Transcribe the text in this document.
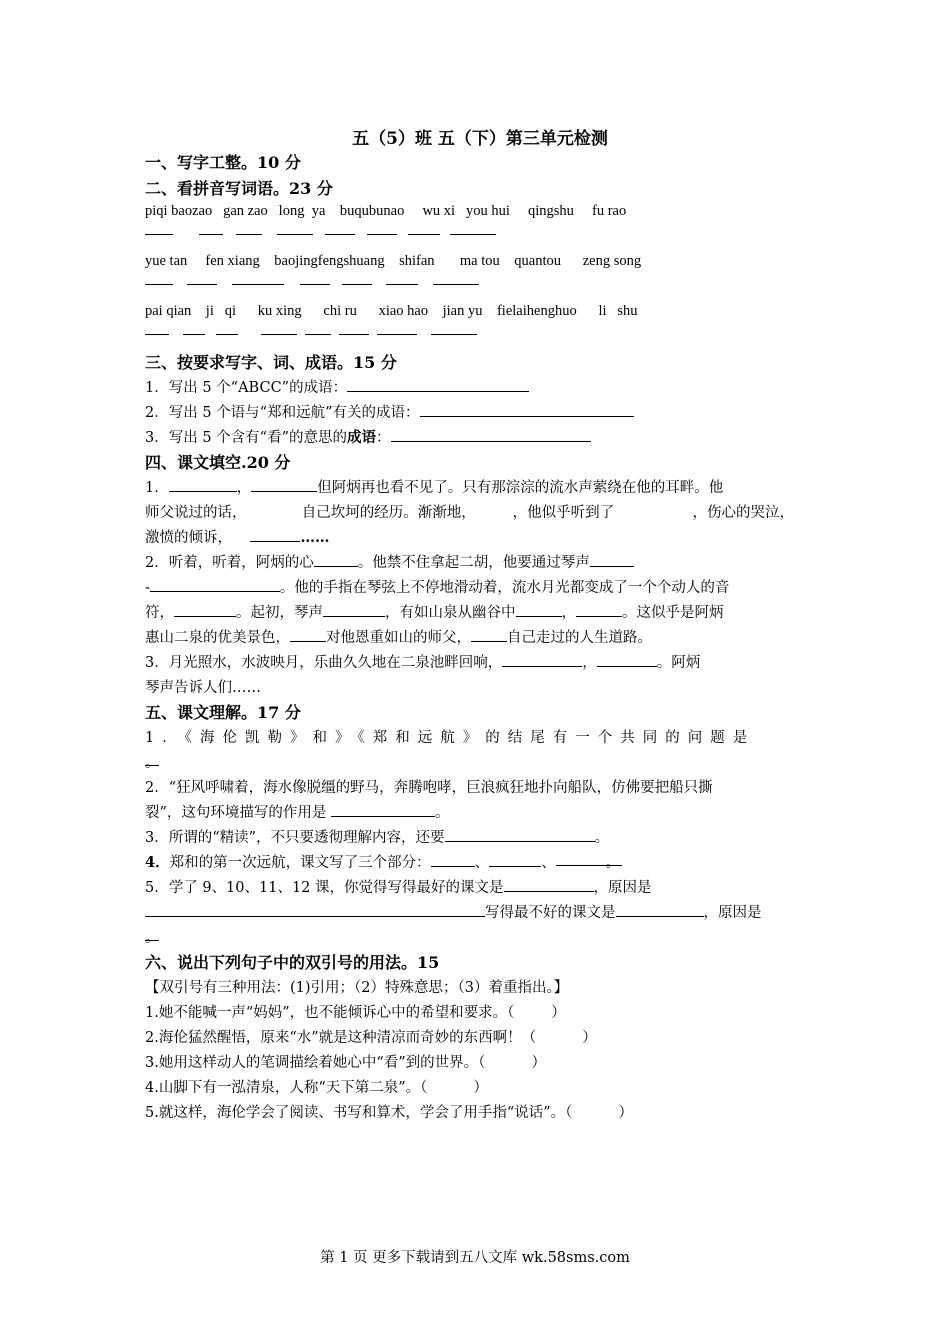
五（5）班 五（下）第三单元检测
一、写字工整。10 分
二、看拼音写词语。23 分
piqi baozao   gan zao   long  ya    buqubunao     wu xi   you hui     qingshu     fu rao
yue tan     fen xiang    baojingfengshuang    shifan       ma tou    quantou      zeng song
pai qian    ji   qi      ku xing      chi ru      xiao hao    jian yu    fielaihenghuo      li   shu
三、按要求写字、词、成语。15 分
1．写出 5 个“ABCC”的成语：
2．写出 5 个语与“郑和远航”有关的成语：
3．写出 5 个含有“看”的意思的成语：
四、课文填空.20 分
1．	，	但阿炳再也看不见了。只有那淙淙的流水声萦绕在他的耳畔。他
师父说过的话，            自己坎坷的经历。渐渐地，        ，他似乎听到了                 ，伤心的哭泣，
激愤的倾诉，	……
2．听着，听着，阿炳的心	。他禁不住拿起二胡，他要通过琴声
-	。他的手指在琴弦上不停地滑动着，流水月光都变成了一个个动人的音
符，	。起初，琴声	，有如山泉从幽谷中	，	。这似乎是阿炳
惠山二泉的优美景色， 对他恩重如山的师父， 自己走过的人生道路。
3．月光照水，水波映月，乐曲久久地在二泉池畔回响，	，	。阿炳
琴声告诉人们……
五、课文理解。17 分
1．《海伦凯勒》和》《郑和远航》的结尾有一个共同的问题是
。
2．“狂风呼啸着，海水像脱缰的野马，奔腾咆哮，巨浪疯狂地扑向船队，仿佛要把船只撕
裂”，这句环境描写的作用是	。
3．所谓的“精读”，不只要透彻理解内容，还要	。
4．郑和的第一次远航，课文写了三个部分：	、	、	。
5．学了 9、10、11、12 课，你觉得写得最好的课文是	，原因是
写得最不好的课文是	，原因是
。
六、说出下列句子中的双引号的用法。15
【双引号有三种用法：(1)引用；（2）特殊意思；（3）着重指出。】
1.她不能喊一声“妈妈”，也不能倾诉心中的希望和要求。（        ）
2.海伦猛然醒悟，原来“水”就是这种清凉而奇妙的东西啊！（          ）
3.她用这样动人的笔调描绘着她心中“看”到的世界。（          ）
4.山脚下有一泓清泉，人称“天下第二泉”。（          ）
5.就这样，海伦学会了阅读、书写和算术，学会了用手指“说话”。（          ）
第 1 页 更多下载请到五八文库 wk.58sms.com
